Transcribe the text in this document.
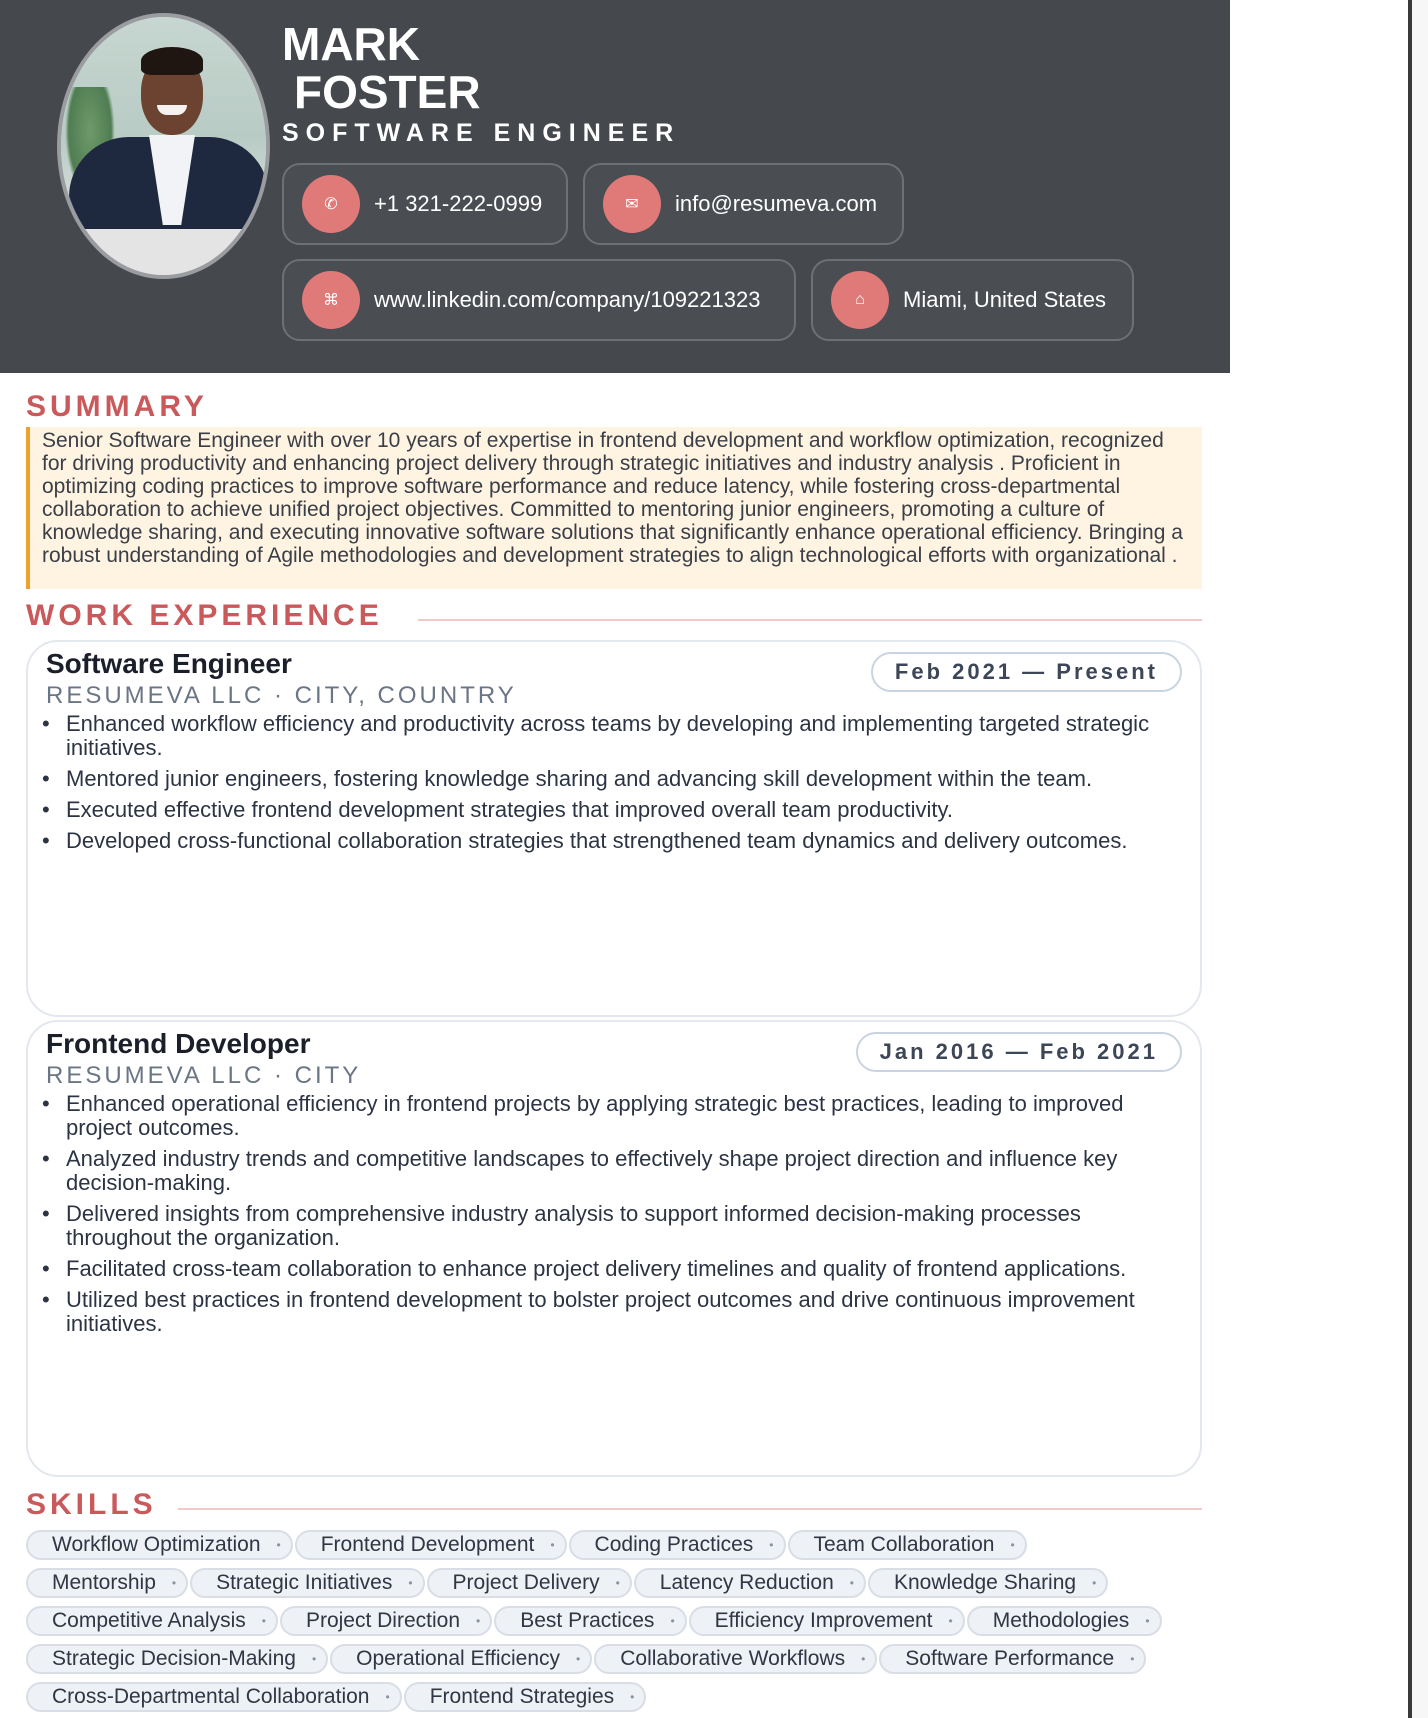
MARK
FOSTER
SOFTWARE ENGINEER
✆	+1 321-222-0999	✉	info@resumeva.com
⌘	www.linkedin.com/company/109221323	⌂	Miami, United States
SUMMARY

Senior Software Engineer with over 10 years of expertise in frontend development and workflow optimization, recognized for driving productivity and enhancing project delivery through strategic initiatives and industry analysis . Proficient in optimizing coding practices to improve software performance and reduce latency, while fostering cross-departmental collaboration to achieve unified project objectives. Committed to mentoring junior engineers, promoting a culture of knowledge sharing, and executing innovative software solutions that significantly enhance operational efficiency. Bringing a robust understanding of Agile methodologies and development strategies to align technological efforts with organizational .

WORK EXPERIENCE
Software Engineer
RESUMEVA LLC · CITY, COUNTRY
Feb 2021 — Present
• Enhanced workflow efficiency and productivity across teams by developing and implementing targeted strategic initiatives.
• Mentored junior engineers, fostering knowledge sharing and advancing skill development within the team.
• Executed effective frontend development strategies that improved overall team productivity.
• Developed cross-functional collaboration strategies that strengthened team dynamics and delivery outcomes.
Frontend Developer
RESUMEVA LLC · CITY
Jan 2016 — Feb 2021
• Enhanced operational efficiency in frontend projects by applying strategic best practices, leading to improved project outcomes.
• Analyzed industry trends and competitive landscapes to effectively shape project direction and influence key decision-making.
• Delivered insights from comprehensive industry analysis to support informed decision-making processes throughout the organization.
• Facilitated cross-team collaboration to enhance project delivery timelines and quality of frontend applications.
• Utilized best practices in frontend development to bolster project outcomes and drive continuous improvement initiatives.
SKILLS
Workflow Optimization • Frontend Development • Coding Practices • Team Collaboration •
Mentorship • Strategic Initiatives • Project Delivery • Latency Reduction • Knowledge Sharing •
Competitive Analysis • Project Direction • Best Practices • Efficiency Improvement • Methodologies •
Strategic Decision-Making • Operational Efficiency • Collaborative Workflows • Software Performance •
Cross-Departmental Collaboration • Frontend Strategies •
